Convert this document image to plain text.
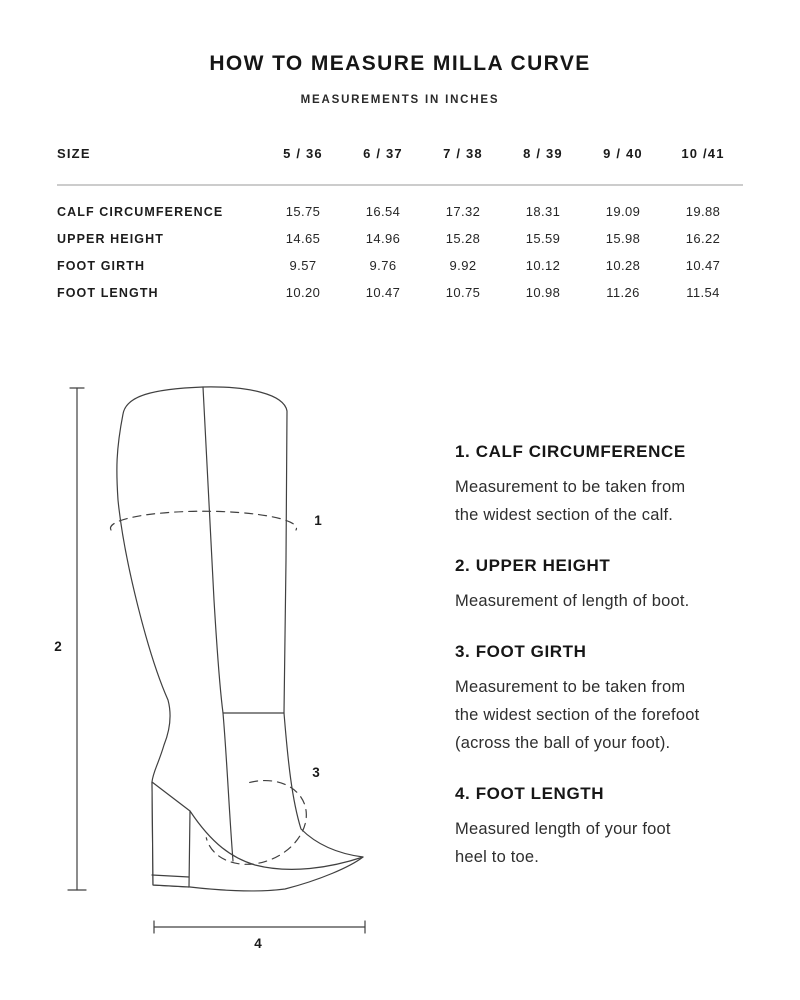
HOW TO MEASURE MILLA CURVE
MEASUREMENTS IN INCHES
SIZE	5 / 36	6 / 37	7 / 38	8 / 39	9 / 40	10 /41
CALF CIRCUMFERENCE	15.75	16.54	17.32	18.31	19.09	19.88
UPPER HEIGHT	14.65	14.96	15.28	15.59	15.98	16.22
FOOT GIRTH	9.57	9.76	9.92	10.12	10.28	10.47
FOOT LENGTH	10.20	10.47	10.75	10.98	11.26	11.54
1
2
3
4
1. CALF CIRCUMFERENCE
Measurement to be taken from
the widest section of the calf.
2. UPPER HEIGHT
Measurement of length of boot.
3. FOOT GIRTH
Measurement to be taken from
the widest section of the forefoot
(across the ball of your foot).
4. FOOT LENGTH
Measured length of your foot
heel to toe.
